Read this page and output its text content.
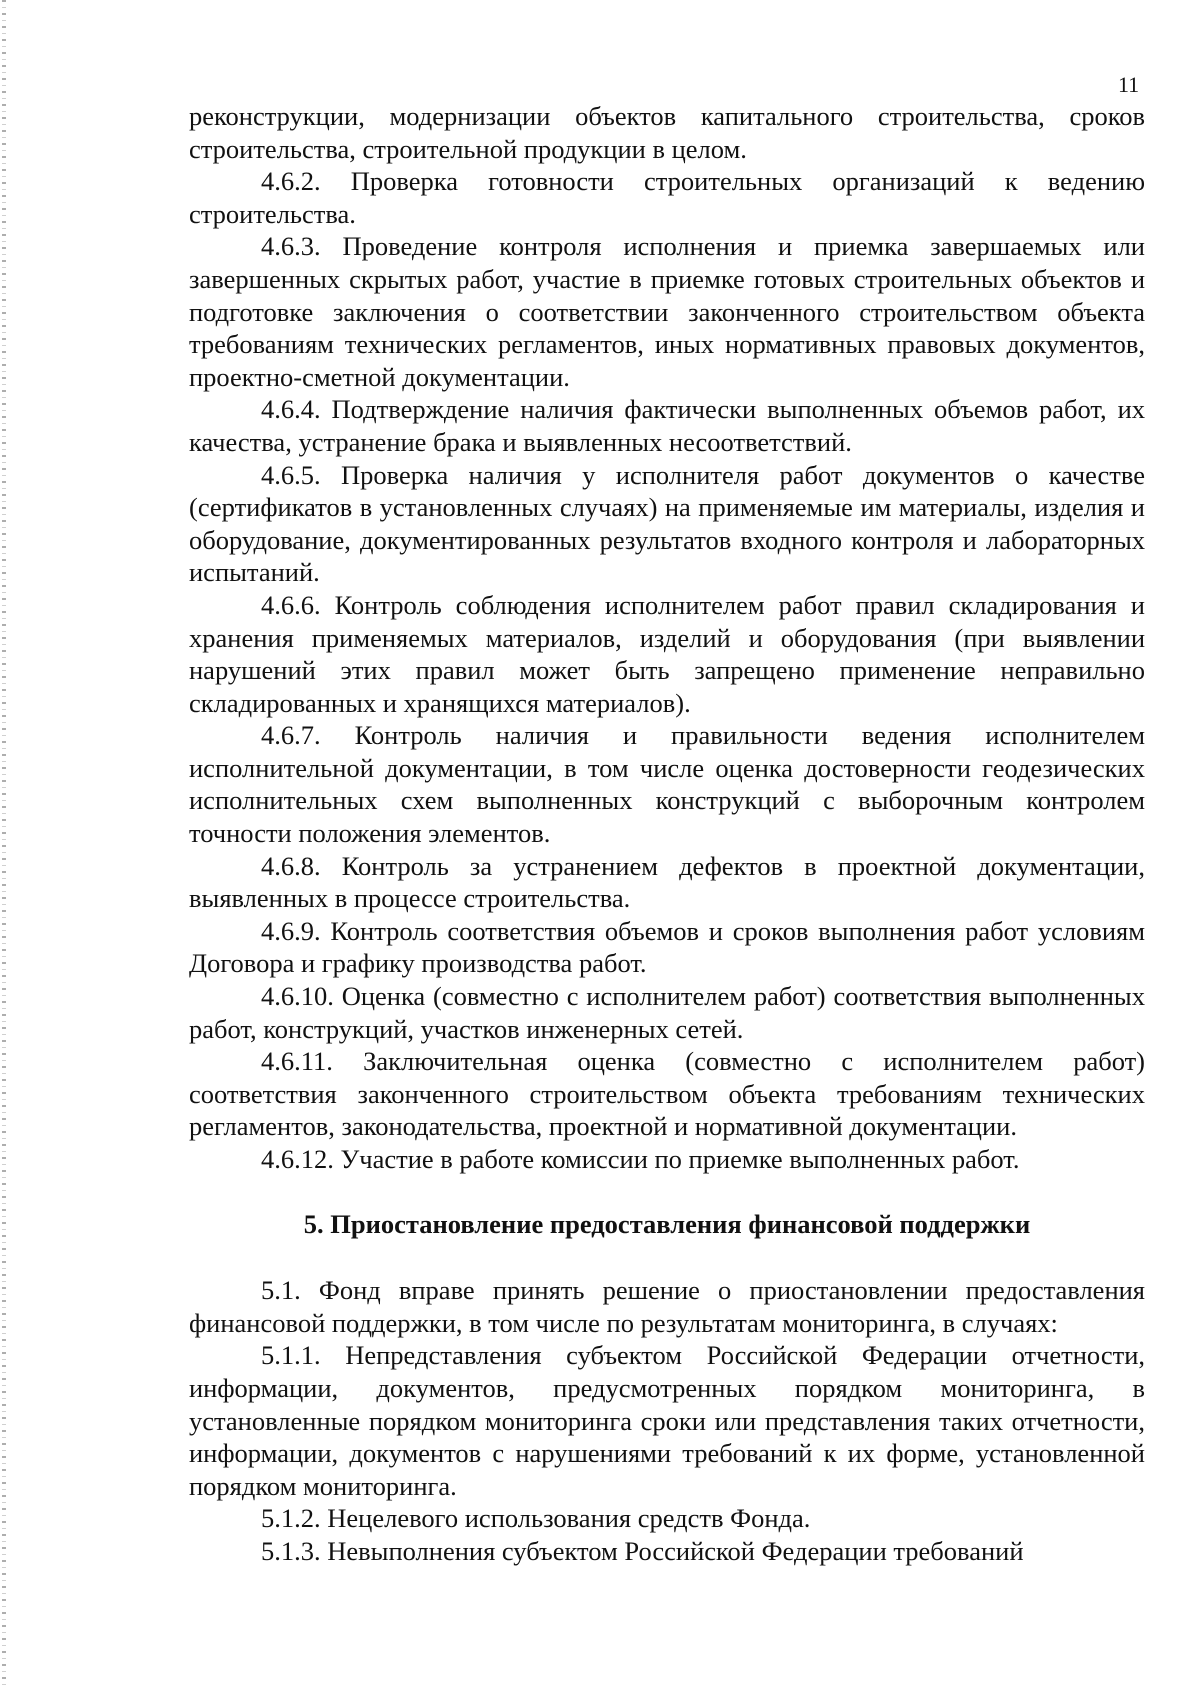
11

реконструкции, модернизации объектов капитального строительства, сроков строительства, строительной продукции в целом.

4.6.2. Проверка готовности строительных организаций к ведению строительства.

4.6.3. Проведение контроля исполнения и приемка завершаемых или завершенных скрытых работ, участие в приемке готовых строительных объектов и подготовке заключения о соответствии законченного строительством объекта требованиям технических регламентов, иных нормативных правовых документов, проектно-сметной документации.

4.6.4. Подтверждение наличия фактически выполненных объемов работ, их качества, устранение брака и выявленных несоответствий.

4.6.5. Проверка наличия у исполнителя работ документов о качестве (сертификатов в установленных случаях) на применяемые им материалы, изделия и оборудование, документированных результатов входного контроля и лабораторных испытаний.

4.6.6. Контроль соблюдения исполнителем работ правил складирования и хранения применяемых материалов, изделий и оборудования (при выявлении нарушений этих правил может быть запрещено применение неправильно складированных и хранящихся материалов).

4.6.7. Контроль наличия и правильности ведения исполнителем исполнительной документации, в том числе оценка достоверности геодезических исполнительных схем выполненных конструкций с выборочным контролем точности положения элементов.

4.6.8. Контроль за устранением дефектов в проектной документации, выявленных в процессе строительства.

4.6.9. Контроль соответствия объемов и сроков выполнения работ условиям Договора и графику производства работ.

4.6.10. Оценка (совместно с исполнителем работ) соответствия выполненных работ, конструкций, участков инженерных сетей.

4.6.11. Заключительная оценка (совместно с исполнителем работ) соответствия законченного строительством объекта требованиям технических регламентов, законодательства, проектной и нормативной документации.

4.6.12. Участие в работе комиссии по приемке выполненных работ.

5. Приостановление предоставления финансовой поддержки

5.1. Фонд вправе принять решение о приостановлении предоставления финансовой поддержки, в том числе по результатам мониторинга, в случаях:

5.1.1. Непредставления субъектом Российской Федерации отчетности, информации, документов, предусмотренных порядком мониторинга, в установленные порядком мониторинга сроки или представления таких отчетности, информации, документов с нарушениями требований к их форме, установленной порядком мониторинга.

5.1.2. Нецелевого использования средств Фонда.

5.1.3. Невыполнения субъектом Российской Федерации требований
